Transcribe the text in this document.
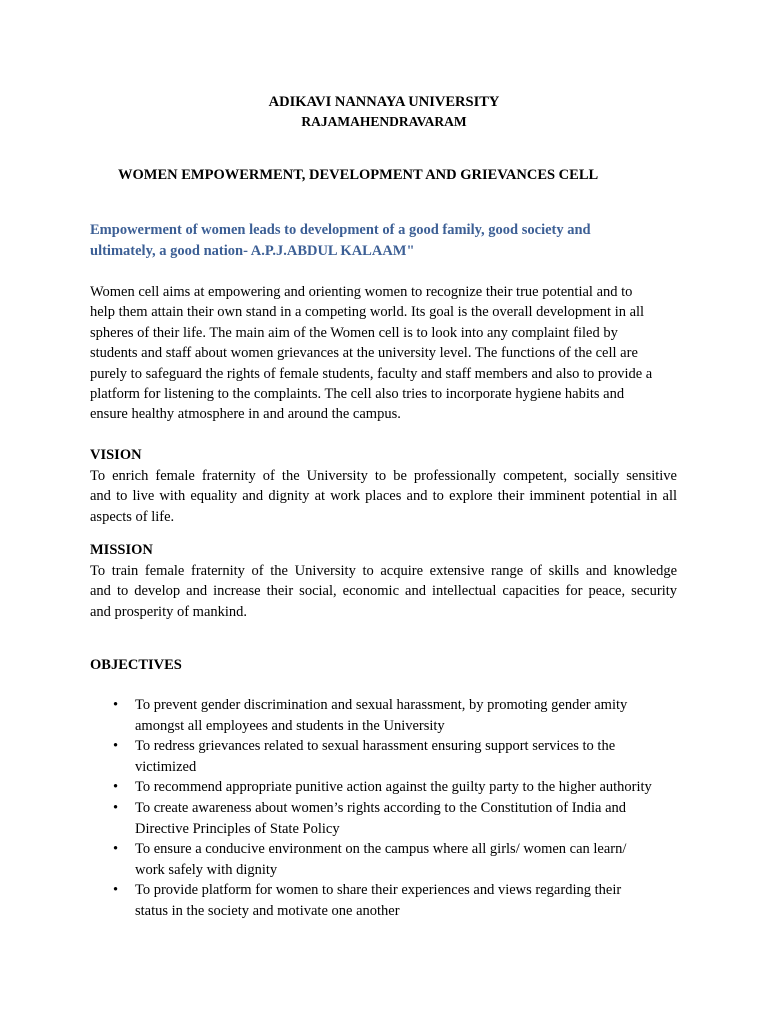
ADIKAVI NANNAYA UNIVERSITY
RAJAMAHENDRAVARAM
WOMEN EMPOWERMENT, DEVELOPMENT AND GRIEVANCES CELL
Empowerment of women leads to development of a good family, good society and
ultimately, a good nation- A.P.J.ABDUL KALAAM"
Women cell aims at empowering and orienting women to recognize their true potential and to
help them attain their own stand in a competing world. Its goal is the overall development in all
spheres of their life. The main aim of the Women cell is to look into any complaint filed by
students and staff about women grievances at the university level. The functions of the cell are
purely to safeguard the rights of female students, faculty and staff members and also to provide a
platform for listening to the complaints. The cell also tries to incorporate hygiene habits and
ensure healthy atmosphere in and around the campus.
VISION
To enrich female fraternity of the University to be professionally competent, socially sensitive
and to live with equality and dignity at work places and to explore their imminent potential in all
aspects of life.
MISSION
To train female fraternity of the University to acquire extensive range of skills and knowledge
and to develop and increase their social, economic and intellectual capacities for peace, security
and prosperity of mankind.
OBJECTIVES
• To prevent gender discrimination and sexual harassment, by promoting gender amity
amongst all employees and students in the University
• To redress grievances related to sexual harassment ensuring support services to the
victimized
• To recommend appropriate punitive action against the guilty party to the higher authority
• To create awareness about women’s rights according to the Constitution of India and
Directive Principles of State Policy
• To ensure a conducive environment on the campus where all girls/ women can learn/
work safely with dignity
• To provide platform for women to share their experiences and views regarding their
status in the society and motivate one another
